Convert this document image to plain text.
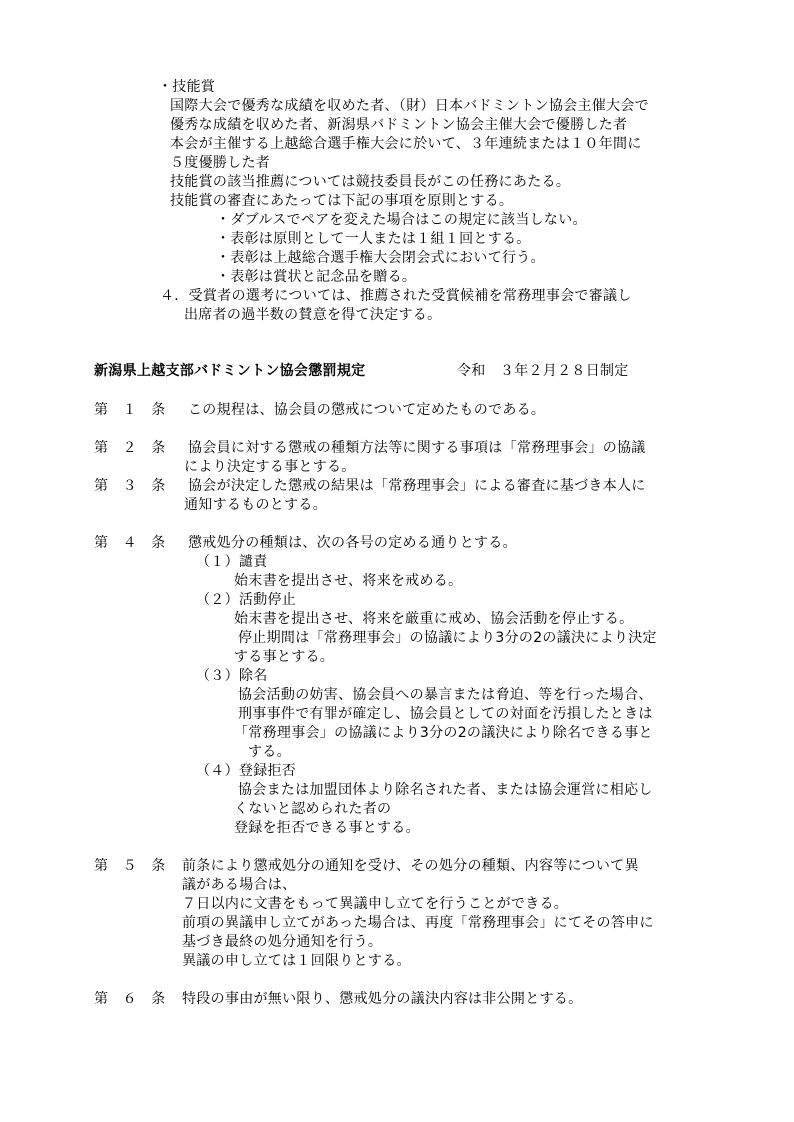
・技能賞
国際大会で優秀な成績を収めた者、（財）日本バドミントン協会主催大会で
優秀な成績を収めた者、新潟県バドミントン協会主催大会で優勝した者
本会が主催する上越総合選手権大会に於いて、３年連続または１０年間に
５度優勝した者
技能賞の該当推薦については競技委員長がこの任務にあたる。
技能賞の審査にあたっては下記の事項を原則とする。
・ダブルスでペアを変えた場合はこの規定に該当しない。
・表彰は原則として一人または１組１回とする。
・表彰は上越総合選手権大会閉会式において行う。
・表彰は賞状と記念品を贈る。
４．受賞者の選考については、推薦された受賞候補を常務理事会で審議し
出席者の過半数の賛意を得て決定する。
新潟県上越支部バドミントン協会懲罰規定	令和　３年２月２８日制定
第　１　条 この規程は、協会員の懲戒について定めたものである。
第　２　条 協会員に対する懲戒の種類方法等に関する事項は「常務理事会」の協議
により決定する事とする。
第　３　条 協会が決定した懲戒の結果は「常務理事会」による審査に基づき本人に
通知するものとする。
第　４　条 懲戒処分の種類は、次の各号の定める通りとする。
（１）譴責
始末書を提出させ、将来を戒める。
（２）活動停止
始末書を提出させ、将来を厳重に戒め、協会活動を停止する。
停止期間は「常務理事会」の協議により3分の2の議決により決定
する事とする。
（３）除名
協会活動の妨害、協会員への暴言または脅迫、等を行った場合、
刑事事件で有罪が確定し、協会員としての対面を汚損したときは
「常務理事会」の協議により3分の2の議決により除名できる事と
する。
（４）登録拒否
協会または加盟団体より除名された者、または協会運営に相応し
くないと認められた者の
登録を拒否できる事とする。
第　５　条 前条により懲戒処分の通知を受け、その処分の種類、内容等について異
議がある場合は、
７日以内に文書をもって異議申し立てを行うことができる。
前項の異議申し立てがあった場合は、再度「常務理事会」にてその答申に
基づき最終の処分通知を行う。
異議の申し立ては１回限りとする。
第　６　条 特段の事由が無い限り、懲戒処分の議決内容は非公開とする。
